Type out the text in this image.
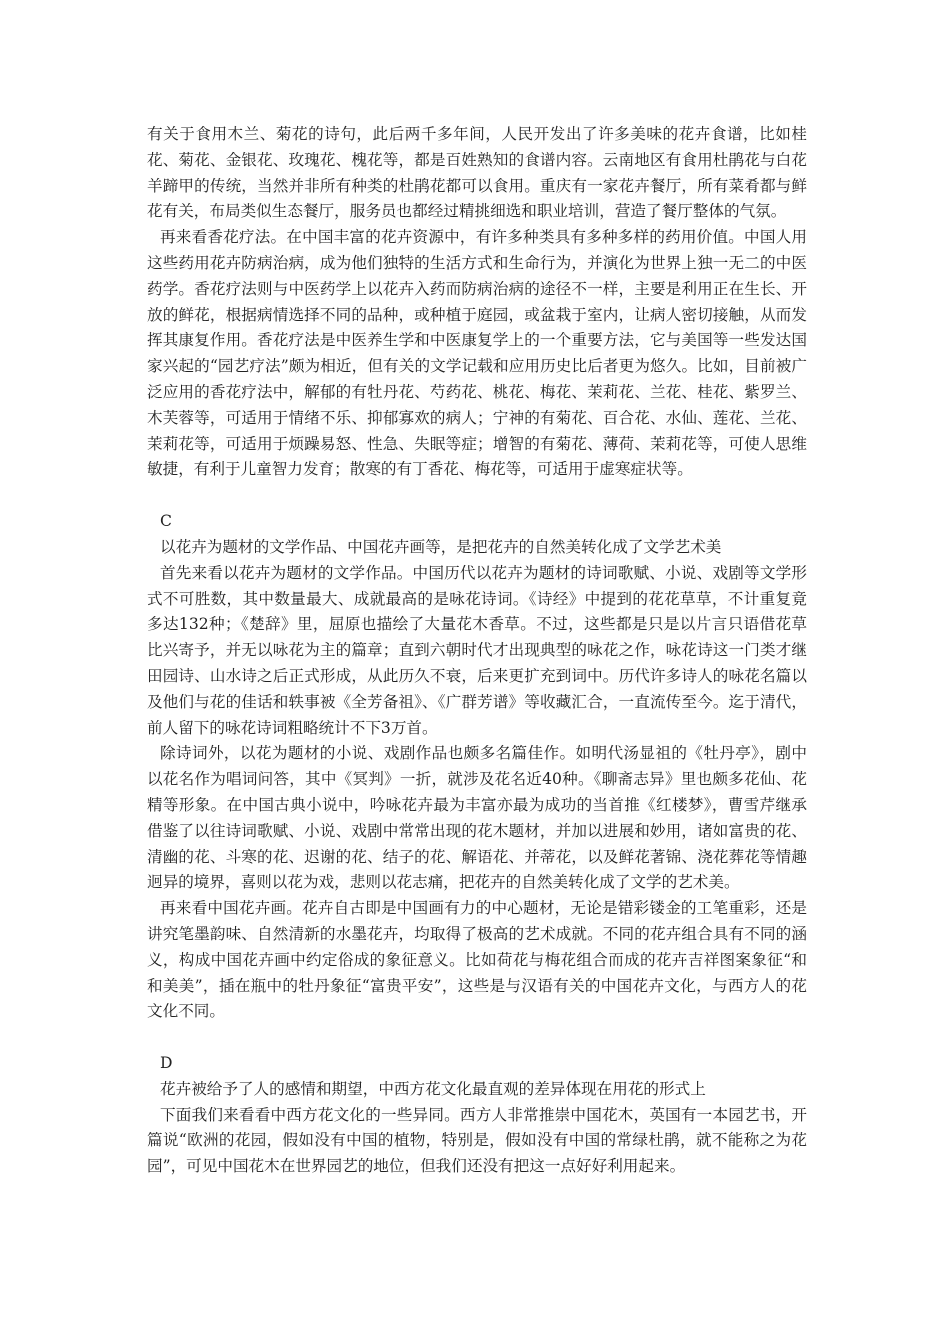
有关于食用木兰、菊花的诗句，此后两千多年间，人民开发出了许多美味的花卉食谱，比如桂花、菊花、金银花、玫瑰花、槐花等，都是百姓熟知的食谱内容。云南地区有食用杜鹃花与白花羊蹄甲的传统，当然并非所有种类的杜鹃花都可以食用。重庆有一家花卉餐厅，所有菜肴都与鲜花有关，布局类似生态餐厅，服务员也都经过精挑细选和职业培训，营造了餐厅整体的气氛。

再来看香花疗法。在中国丰富的花卉资源中，有许多种类具有多种多样的药用价值。中国人用这些药用花卉防病治病，成为他们独特的生活方式和生命行为，并演化为世界上独一无二的中医药学。香花疗法则与中医药学上以花卉入药而防病治病的途径不一样，主要是利用正在生长、开放的鲜花，根据病情选择不同的品种，或种植于庭园，或盆栽于室内，让病人密切接触，从而发挥其康复作用。香花疗法是中医养生学和中医康复学上的一个重要方法，它与美国等一些发达国家兴起的“园艺疗法”颇为相近，但有关的文学记载和应用历史比后者更为悠久。比如，目前被广泛应用的香花疗法中，解郁的有牡丹花、芍药花、桃花、梅花、茉莉花、兰花、桂花、紫罗兰、木芙蓉等，可适用于情绪不乐、抑郁寡欢的病人；宁神的有菊花、百合花、水仙、莲花、兰花、茉莉花等，可适用于烦躁易怒、性急、失眠等症；增智的有菊花、薄荷、茉莉花等，可使人思维敏捷，有利于儿童智力发育；散寒的有丁香花、梅花等，可适用于虚寒症状等。

C

以花卉为题材的文学作品、中国花卉画等，是把花卉的自然美转化成了文学艺术美

首先来看以花卉为题材的文学作品。中国历代以花卉为题材的诗词歌赋、小说、戏剧等文学形式不可胜数，其中数量最大、成就最高的是咏花诗词。《诗经》中提到的花花草草，不计重复竟多达132种；《楚辞》里，屈原也描绘了大量花木香草。不过，这些都是只是以片言只语借花草比兴寄予，并无以咏花为主的篇章；直到六朝时代才出现典型的咏花之作，咏花诗这一门类才继田园诗、山水诗之后正式形成，从此历久不衰，后来更扩充到词中。历代许多诗人的咏花名篇以及他们与花的佳话和轶事被《全芳备祖》、《广群芳谱》等收藏汇合，一直流传至今。迄于清代，前人留下的咏花诗词粗略统计不下3万首。

除诗词外，以花为题材的小说、戏剧作品也颇多名篇佳作。如明代汤显祖的《牡丹亭》，剧中以花名作为唱词问答，其中《冥判》一折，就涉及花名近40种。《聊斋志异》里也颇多花仙、花精等形象。在中国古典小说中，吟咏花卉最为丰富亦最为成功的当首推《红楼梦》，曹雪芹继承借鉴了以往诗词歌赋、小说、戏剧中常常出现的花木题材，并加以进展和妙用，诸如富贵的花、清幽的花、斗寒的花、迟谢的花、结子的花、解语花、并蒂花，以及鲜花著锦、浇花葬花等情趣迥异的境界，喜则以花为戏，悲则以花志痛，把花卉的自然美转化成了文学的艺术美。

再来看中国花卉画。花卉自古即是中国画有力的中心题材，无论是错彩镂金的工笔重彩，还是讲究笔墨韵味、自然清新的水墨花卉，均取得了极高的艺术成就。不同的花卉组合具有不同的涵义，构成中国花卉画中约定俗成的象征意义。比如荷花与梅花组合而成的花卉吉祥图案象征“和和美美”，插在瓶中的牡丹象征“富贵平安”，这些是与汉语有关的中国花卉文化，与西方人的花文化不同。

D

花卉被给予了人的感情和期望，中西方花文化最直观的差异体现在用花的形式上

下面我们来看看中西方花文化的一些异同。西方人非常推崇中国花木，英国有一本园艺书，开篇说“欧洲的花园，假如没有中国的植物，特别是，假如没有中国的常绿杜鹃，就不能称之为花园”，可见中国花木在世界园艺的地位，但我们还没有把这一点好好利用起来。
